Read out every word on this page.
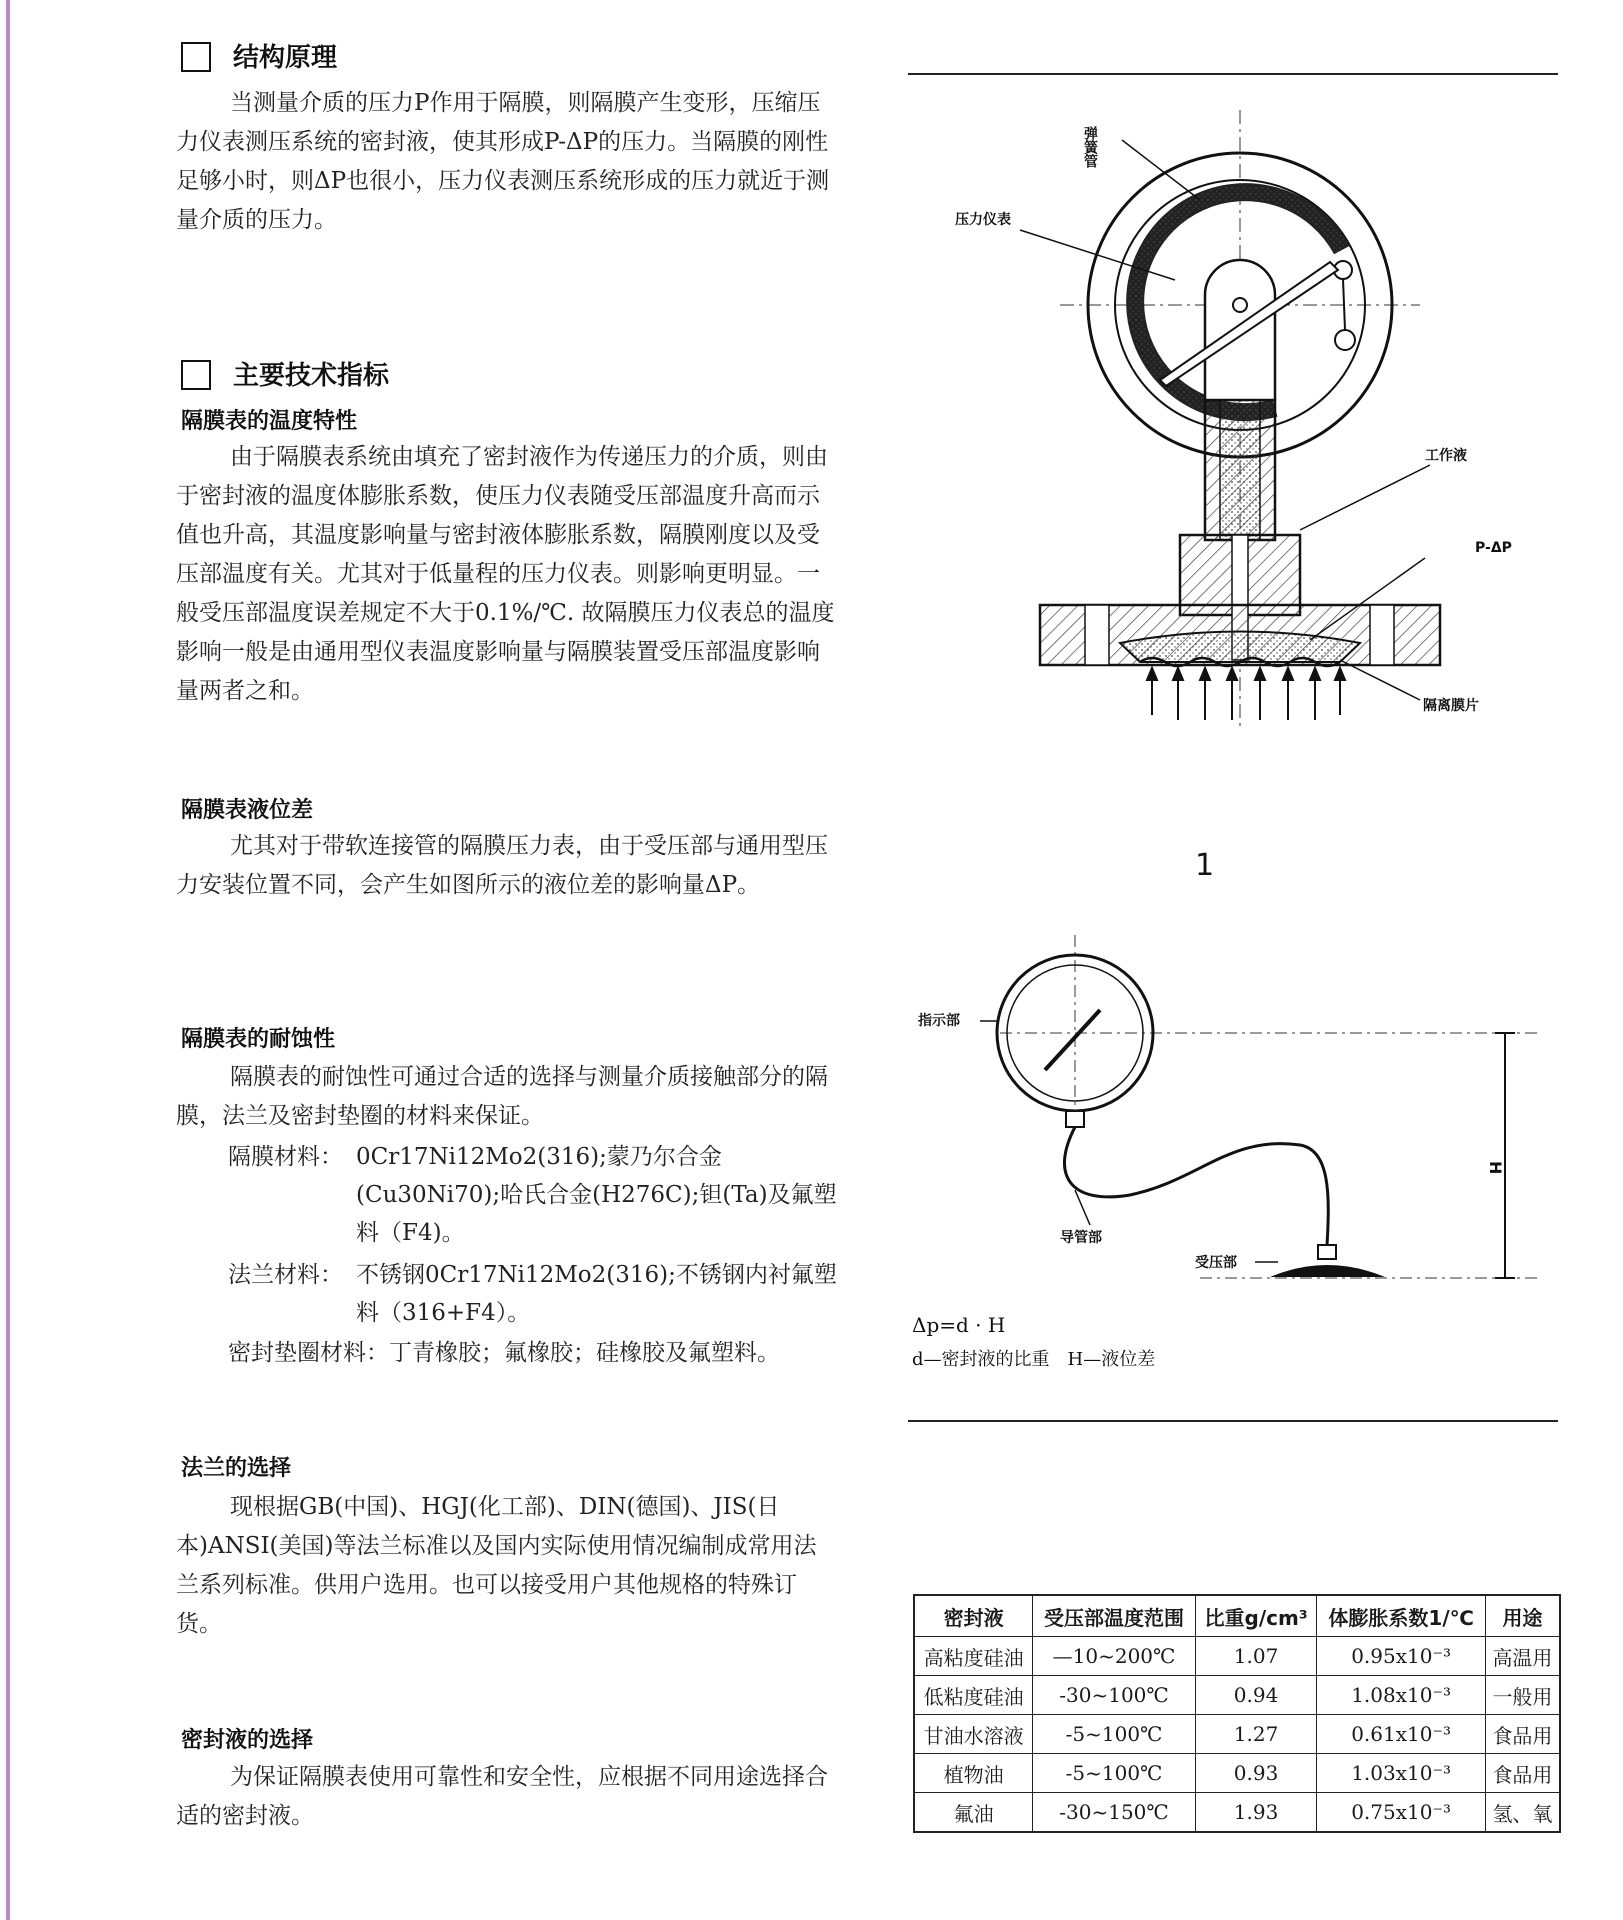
结构原理

当测量介质的压力P作用于隔膜，则隔膜产生变形，压缩压力仪表测压系统的密封液，使其形成P-ΔP的压力。当隔膜的刚性足够小时，则ΔP也很小，压力仪表测压系统形成的压力就近于测量介质的压力。

主要技术指标
隔膜表的温度特性

由于隔膜表系统由填充了密封液作为传递压力的介质，则由于密封液的温度体膨胀系数，使压力仪表随受压部温度升高而示值也升高，其温度影响量与密封液体膨胀系数，隔膜刚度以及受压部温度有关。尤其对于低量程的压力仪表。则影响更明显。一般受压部温度误差规定不大于0.1%/℃. 故隔膜压力仪表总的温度影响一般是由通用型仪表温度影响量与隔膜装置受压部温度影响量两者之和。

隔膜表液位差

尤其对于带软连接管的隔膜压力表，由于受压部与通用型压力安装位置不同，会产生如图所示的液位差的影响量ΔP。

隔膜表的耐蚀性

隔膜表的耐蚀性可通过合适的选择与测量介质接触部分的隔膜，法兰及密封垫圈的材料来保证。

隔膜材料： 0Cr17Ni12Mo2(316);蒙乃尔合金(Cu30Ni70);哈氏合金(H276C);钽(Ta)及氟塑料（F4)。
法兰材料： 不锈钢0Cr17Ni12Mo2(316);不锈钢内衬氟塑料（316+F4）。
密封垫圈材料：丁青橡胶；氟橡胶；硅橡胶及氟塑料。
法兰的选择

现根据GB(中国)、HGJ(化工部)、DIN(德国)、JIS(日本)ANSI(美国)等法兰标准以及国内实际使用情况编制成常用法兰系列标准。供用户选用。也可以接受用户其他规格的特殊订货。

密封液的选择

为保证隔膜表使用可靠性和安全性，应根据不同用途选择合适的密封液。

弹簧管
压力仪表
工作液
P-ΔP
隔离膜片
1
H
指示部
导管部
受压部
Δp=d · H
d—密封液的比重　H—液位差
密封液	受压部温度范围	比重g/cm³	体膨胀系数1/℃	用途
高粘度硅油	—10~200℃	1.07	0.95x10⁻³	高温用
低粘度硅油	-30~100℃	0.94	1.08x10⁻³	一般用
甘油水溶液	-5~100℃	1.27	0.61x10⁻³	食品用
植物油	-5~100℃	0.93	1.03x10⁻³	食品用
氟油	-30~150℃	1.93	0.75x10⁻³	氢、氧
